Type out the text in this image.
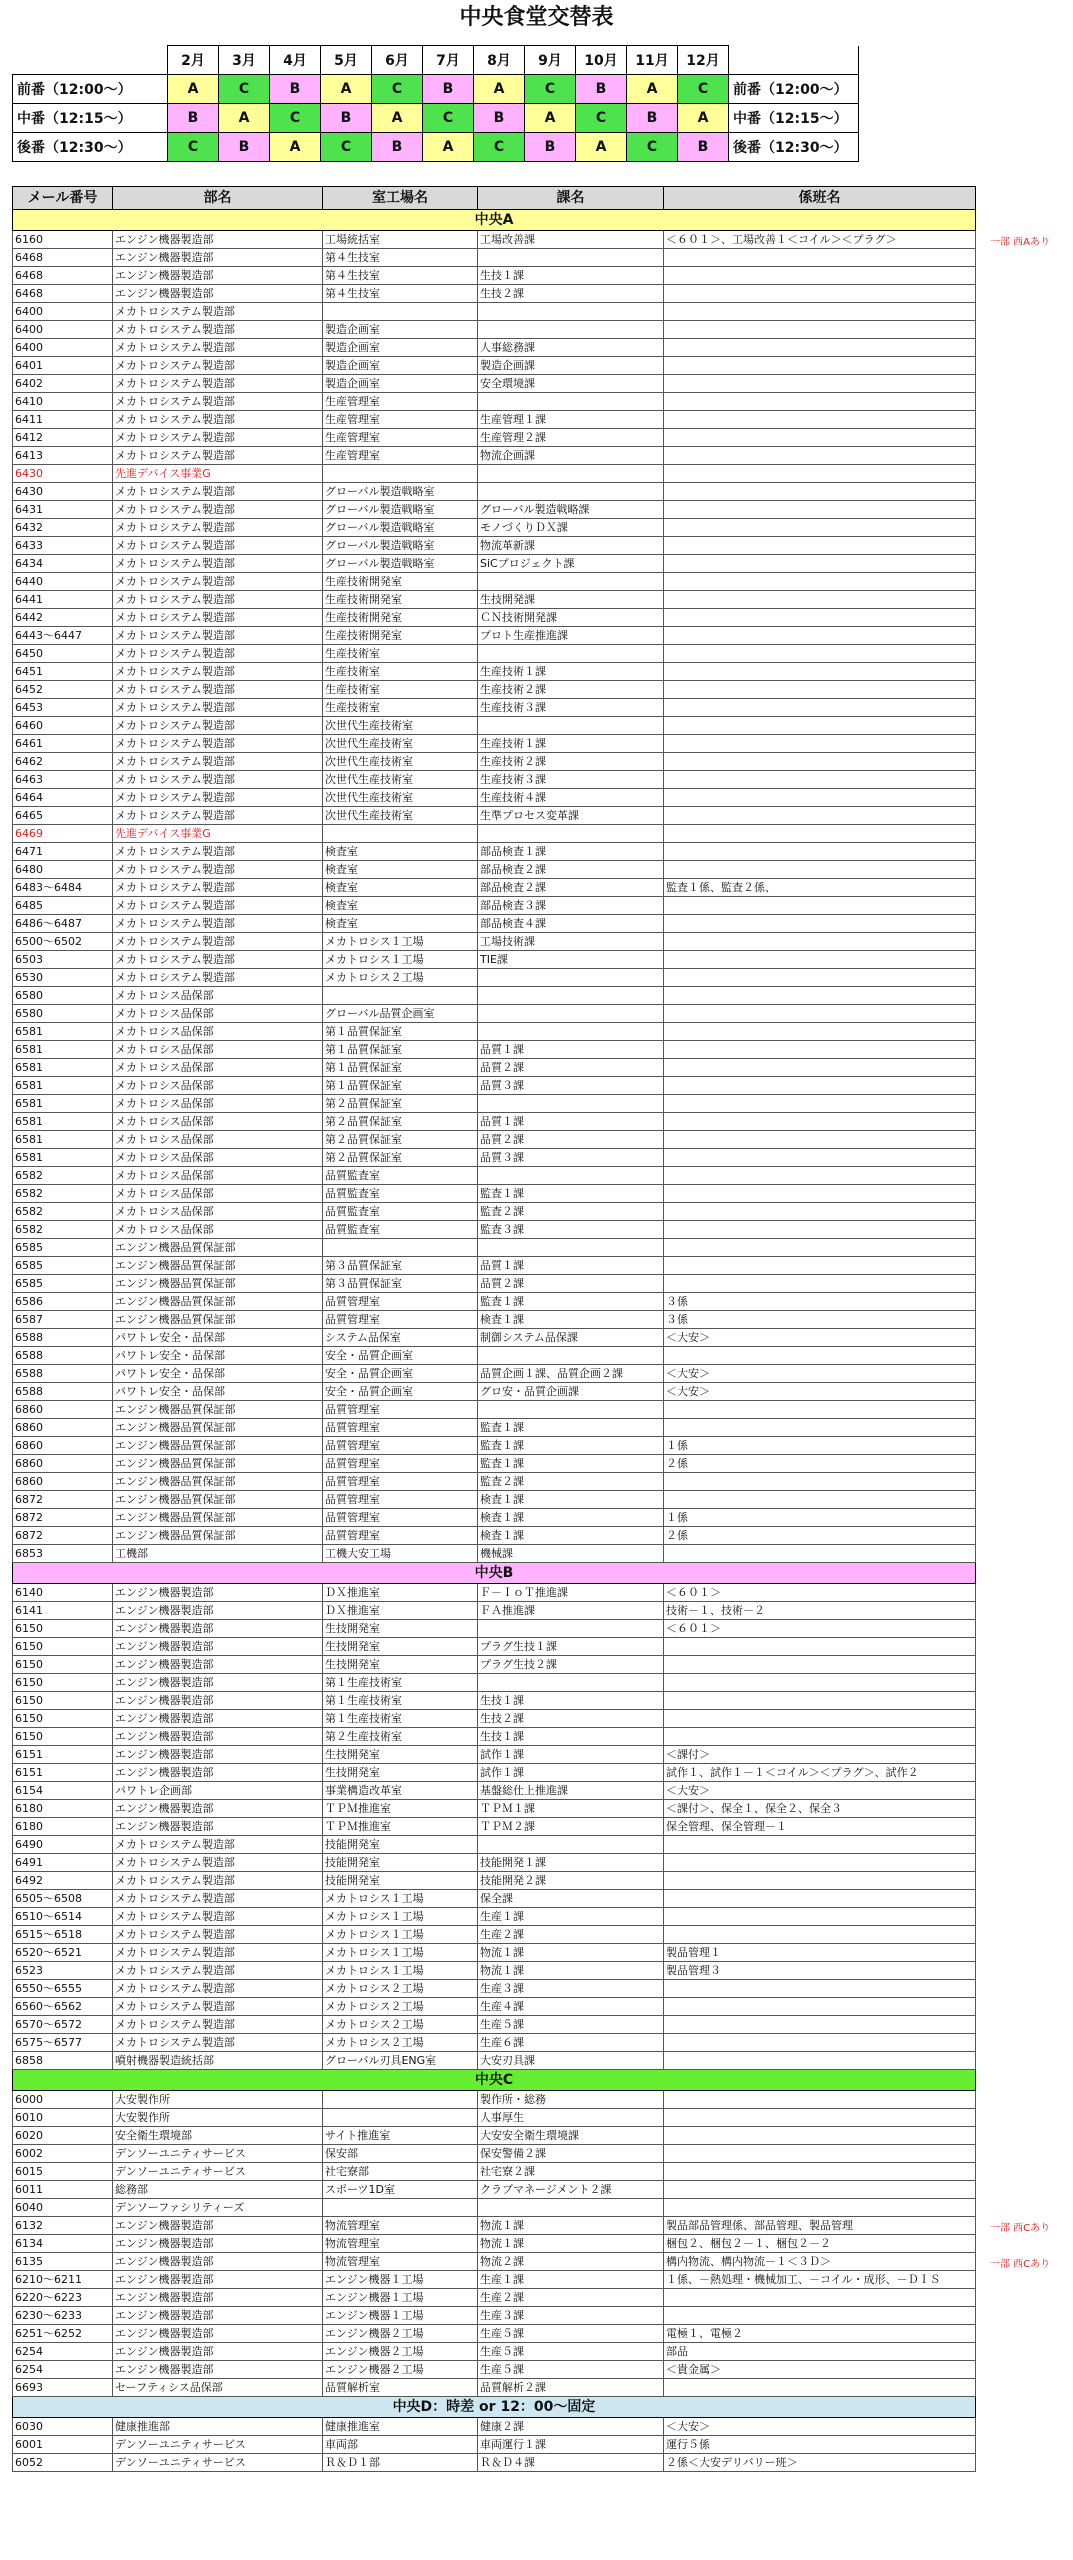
中央食堂交替表
	2月	3月	4月	5月	6月	7月	8月	9月	10月	11月	12月	
前番（12:00～）	A	C	B	A	C	B	A	C	B	A	C	前番（12:00～）
中番（12:15～）	B	A	C	B	A	C	B	A	C	B	A	中番（12:15～）
後番（12:30～）	C	B	A	C	B	A	C	B	A	C	B	後番（12:30～）
メール番号	部名	室工場名	課名	係班名
中央A				
6160	エンジン機器製造部	工場統括室	工場改善課	＜６０１＞、工場改善１＜コイル＞＜プラグ＞
6468	エンジン機器製造部	第４生技室		
6468	エンジン機器製造部	第４生技室	生技１課	
6468	エンジン機器製造部	第４生技室	生技２課	
6400	メカトロシステム製造部			
6400	メカトロシステム製造部	製造企画室		
6400	メカトロシステム製造部	製造企画室	人事総務課	
6401	メカトロシステム製造部	製造企画室	製造企画課	
6402	メカトロシステム製造部	製造企画室	安全環境課	
6410	メカトロシステム製造部	生産管理室		
6411	メカトロシステム製造部	生産管理室	生産管理１課	
6412	メカトロシステム製造部	生産管理室	生産管理２課	
6413	メカトロシステム製造部	生産管理室	物流企画課	
6430	先進デバイス事業G			
6430	メカトロシステム製造部	グローバル製造戦略室		
6431	メカトロシステム製造部	グローバル製造戦略室	グローバル製造戦略課	
6432	メカトロシステム製造部	グローバル製造戦略室	モノづくりＤＸ課	
6433	メカトロシステム製造部	グローバル製造戦略室	物流革新課	
6434	メカトロシステム製造部	グローバル製造戦略室	SiCプロジェクト課	
6440	メカトロシステム製造部	生産技術開発室		
6441	メカトロシステム製造部	生産技術開発室	生技開発課	
6442	メカトロシステム製造部	生産技術開発室	ＣＮ技術開発課	
6443～6447	メカトロシステム製造部	生産技術開発室	プロト生産推進課	
6450	メカトロシステム製造部	生産技術室		
6451	メカトロシステム製造部	生産技術室	生産技術１課	
6452	メカトロシステム製造部	生産技術室	生産技術２課	
6453	メカトロシステム製造部	生産技術室	生産技術３課	
6460	メカトロシステム製造部	次世代生産技術室		
6461	メカトロシステム製造部	次世代生産技術室	生産技術１課	
6462	メカトロシステム製造部	次世代生産技術室	生産技術２課	
6463	メカトロシステム製造部	次世代生産技術室	生産技術３課	
6464	メカトロシステム製造部	次世代生産技術室	生産技術４課	
6465	メカトロシステム製造部	次世代生産技術室	生準プロセス変革課	
6469	先進デバイス事業G			
6471	メカトロシステム製造部	検査室	部品検査１課	
6480	メカトロシステム製造部	検査室	部品検査２課	
6483～6484	メカトロシステム製造部	検査室	部品検査２課	監査１係、監査２係、
6485	メカトロシステム製造部	検査室	部品検査３課	
6486～6487	メカトロシステム製造部	検査室	部品検査４課	
6500～6502	メカトロシステム製造部	メカトロシス１工場	工場技術課	
6503	メカトロシステム製造部	メカトロシス１工場	TIE課	
6530	メカトロシステム製造部	メカトロシス２工場		
6580	メカトロシス品保部			
6580	メカトロシス品保部	グローバル品質企画室		
6581	メカトロシス品保部	第１品質保証室		
6581	メカトロシス品保部	第１品質保証室	品質１課	
6581	メカトロシス品保部	第１品質保証室	品質２課	
6581	メカトロシス品保部	第１品質保証室	品質３課	
6581	メカトロシス品保部	第２品質保証室		
6581	メカトロシス品保部	第２品質保証室	品質１課	
6581	メカトロシス品保部	第２品質保証室	品質２課	
6581	メカトロシス品保部	第２品質保証室	品質３課	
6582	メカトロシス品保部	品質監査室		
6582	メカトロシス品保部	品質監査室	監査１課	
6582	メカトロシス品保部	品質監査室	監査２課	
6582	メカトロシス品保部	品質監査室	監査３課	
6585	エンジン機器品質保証部			
6585	エンジン機器品質保証部	第３品質保証室	品質１課	
6585	エンジン機器品質保証部	第３品質保証室	品質２課	
6586	エンジン機器品質保証部	品質管理室	監査１課	３係
6587	エンジン機器品質保証部	品質管理室	検査１課	３係
6588	パワトレ安全・品保部	システム品保室	制御システム品保課	＜大安＞
6588	パワトレ安全・品保部	安全・品質企画室		
6588	パワトレ安全・品保部	安全・品質企画室	品質企画１課、品質企画２課	＜大安＞
6588	パワトレ安全・品保部	安全・品質企画室	グロ安・品質企画課	＜大安＞
6860	エンジン機器品質保証部	品質管理室		
6860	エンジン機器品質保証部	品質管理室	監査１課	
6860	エンジン機器品質保証部	品質管理室	監査１課	１係
6860	エンジン機器品質保証部	品質管理室	監査１課	２係
6860	エンジン機器品質保証部	品質管理室	監査２課	
6872	エンジン機器品質保証部	品質管理室	検査１課	
6872	エンジン機器品質保証部	品質管理室	検査１課	１係
6872	エンジン機器品質保証部	品質管理室	検査１課	２係
6853	工機部	工機大安工場	機械課	
中央B				
6140	エンジン機器製造部	ＤＸ推進室	Ｆ－ＩｏＴ推進課	＜６０１＞
6141	エンジン機器製造部	ＤＸ推進室	ＦＡ推進課	技術－１、技術－２
6150	エンジン機器製造部	生技開発室		＜６０１＞
6150	エンジン機器製造部	生技開発室	プラグ生技１課	
6150	エンジン機器製造部	生技開発室	プラグ生技２課	
6150	エンジン機器製造部	第１生産技術室		
6150	エンジン機器製造部	第１生産技術室	生技１課	
6150	エンジン機器製造部	第１生産技術室	生技２課	
6150	エンジン機器製造部	第２生産技術室	生技１課	
6151	エンジン機器製造部	生技開発室	試作１課	＜課付＞
6151	エンジン機器製造部	生技開発室	試作１課	試作１、試作１－１＜コイル＞＜プラグ＞、試作２
6154	パワトレ企画部	事業構造改革室	基盤総仕上推進課	＜大安＞
6180	エンジン機器製造部	ＴＰＭ推進室	ＴＰＭ１課	＜課付＞、保全１、保全２、保全３
6180	エンジン機器製造部	ＴＰＭ推進室	ＴＰＭ２課	保全管理、保全管理－１
6490	メカトロシステム製造部	技能開発室		
6491	メカトロシステム製造部	技能開発室	技能開発１課	
6492	メカトロシステム製造部	技能開発室	技能開発２課	
6505～6508	メカトロシステム製造部	メカトロシス１工場	保全課	
6510～6514	メカトロシステム製造部	メカトロシス１工場	生産１課	
6515～6518	メカトロシステム製造部	メカトロシス１工場	生産２課	
6520～6521	メカトロシステム製造部	メカトロシス１工場	物流１課	製品管理１
6523	メカトロシステム製造部	メカトロシス１工場	物流１課	製品管理３
6550～6555	メカトロシステム製造部	メカトロシス２工場	生産３課	
6560～6562	メカトロシステム製造部	メカトロシス２工場	生産４課	
6570～6572	メカトロシステム製造部	メカトロシス２工場	生産５課	
6575～6577	メカトロシステム製造部	メカトロシス２工場	生産６課	
6858	噴射機器製造統括部	グローバル刃具ENG室	大安刃具課	
中央C				
6000	大安製作所		製作所・総務	
6010	大安製作所		人事厚生	
6020	安全衛生環境部	サイト推進室	大安安全衛生環境課	
6002	デンソーユニティサービス	保安部	保安警備２課	
6015	デンソーユニティサービス	社宅寮部	社宅寮２課	
6011	総務部	スポーツ1D室	クラブマネージメント２課	
6040	デンソーファシリティーズ			
6132	エンジン機器製造部	物流管理室	物流１課	製品部品管理係、部品管理、製品管理
6134	エンジン機器製造部	物流管理室	物流１課	梱包２、梱包２－１、梱包２－２
6135	エンジン機器製造部	物流管理室	物流２課	構内物流、構内物流－１＜３Ｄ＞
6210～6211	エンジン機器製造部	エンジン機器１工場	生産１課	１係、－熱処理・機械加工、－コイル・成形、－ＤＩＳ
6220～6223	エンジン機器製造部	エンジン機器１工場	生産２課	
6230～6233	エンジン機器製造部	エンジン機器１工場	生産３課	
6251～6252	エンジン機器製造部	エンジン機器２工場	生産５課	電極１、電極２
6254	エンジン機器製造部	エンジン機器２工場	生産５課	部品
6254	エンジン機器製造部	エンジン機器２工場	生産５課	＜貴金属＞
6693	セーフティシス品保部	品質解析室	品質解析２課	
中央D：時差 or 12：00～固定				
6030	健康推進部	健康推進室	健康２課	＜大安＞
6001	デンソーユニティサービス	車両部	車両運行１課	運行５係
6052	デンソーユニティサービス	Ｒ＆Ｄ１部	Ｒ＆Ｄ４課	２係＜大安デリバリー班＞
一部 西Aあり
一部 西Cあり
一部 西Cあり
